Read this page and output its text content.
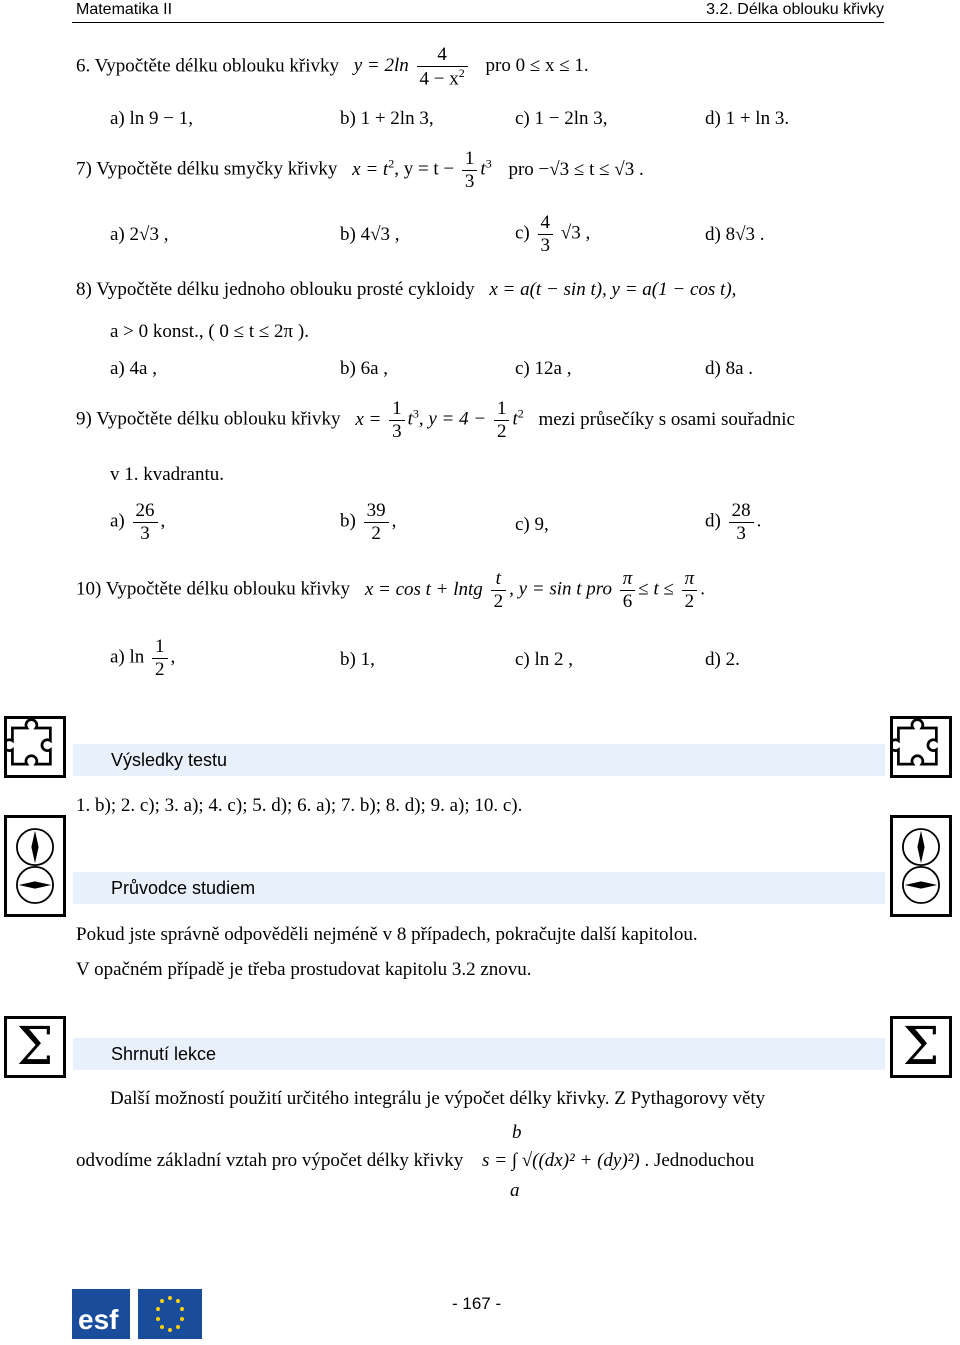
Matematika II	3.2. Délka oblouku křivky
6. Vypočtěte délku oblouku křivky $y = 2\ln \frac{4}{4 - x^2}$ pro 0 ≤ x ≤ 1.
a) ln 9 − 1,	b) 1 + 2ln 3,	c) 1 − 2ln 3,	d) 1 + ln 3.
7) Vypočtěte délku smyčky křivky $x = t^2$, $y = t - \frac{1}{3} t^3$ pro −√3 ≤ t ≤ √3 .
a) 2√3 ,	b) 4√3 ,	$c) \frac{4}{3} √3$ ,	d) 8√3 .
8) Vypočtěte délku jednoho oblouku prosté cykloidy x = a(t − sin t), y = a(1 − cos t),
a > 0 konst., ( 0 ≤ t ≤ 2π ).
a) 4a ,	b) 6a ,	c) 12a ,	d) 8a .
9) Vypočtěte délku oblouku křivky $x = \frac{1}{3} t^3$, $y = 4 - \frac{1}{2} t^2$ mezi průsečíky s osami souřadnic
v 1. kvadrantu.
$a) \frac{26}{3}$ ,	$b) \frac{39}{2}$ ,	c) 9,	$d) \frac{28}{3}$ .
10) Vypočtěte délku oblouku křivky x = cos t + lntg $\frac{t}{2}$ , y = sin t pro $\frac{\pi}{6} \le t \le \frac{\pi}{2}$ .
a) $\ln \frac{1}{2}$ ,	b) 1,	c) ln 2 ,	d) 2.
Výsledky testu
1. b); 2. c); 3. a); 4. c); 5. d); 6. a); 7. b); 8. d); 9. a); 10. c).
Průvodce studiem
Pokud jste správně odpověděli nejméně v 8 případech, pokračujte další kapitolou.
V opačném případě je třeba prostudovat kapitolu 3.2 znovu.
Σ	Σ
Shrnutí lekce
Další možností použití určitého integrálu je výpočet délky křivky. Z Pythagorovy věty
odvodíme základní vztah pro výpočet délky křivky s = ∫ √((dx)² + (dy)²)
b
a
. Jednoduchou
esf
- 167 -
